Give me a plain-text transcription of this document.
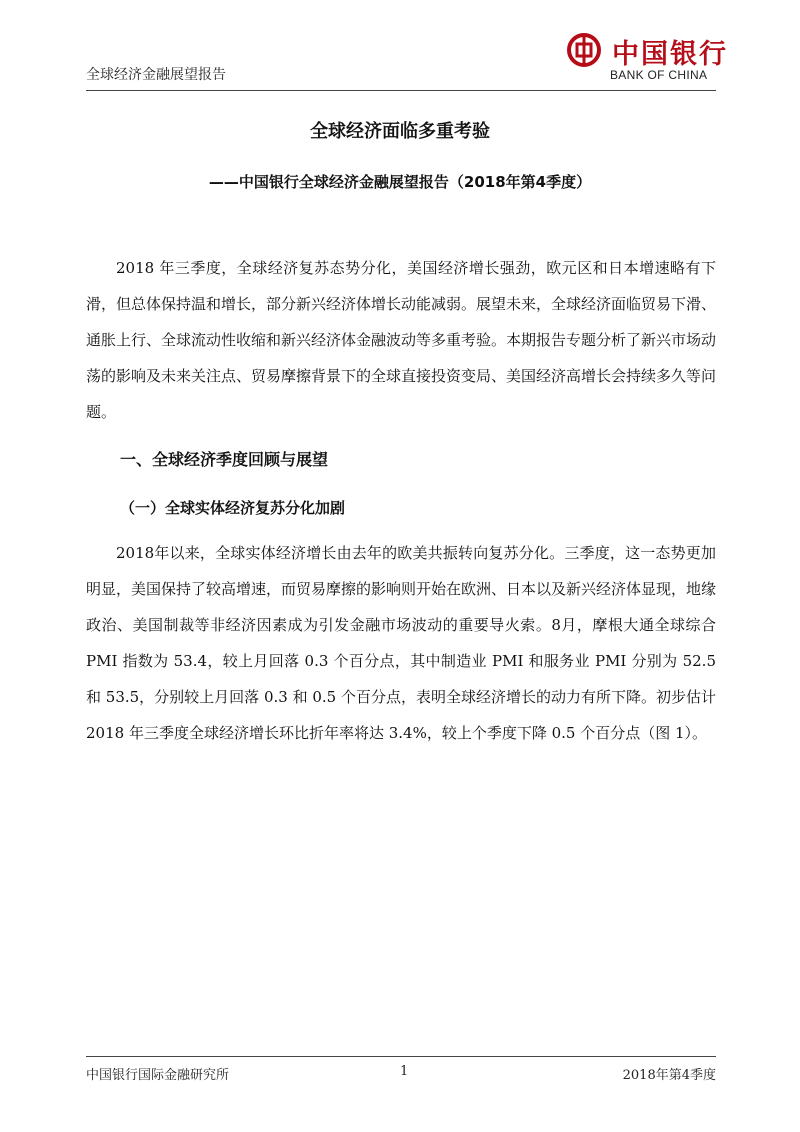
全球经济金融展望报告
中国银行
BANK OF CHINA
全球经济面临多重考验
——中国银行全球经济金融展望报告（2018年第4季度）

2018 年三季度，全球经济复苏态势分化，美国经济增长强劲，欧元区和日本增速略有下滑，但总体保持温和增长，部分新兴经济体增长动能减弱。展望未来，全球经济面临贸易下滑、通胀上行、全球流动性收缩和新兴经济体金融波动等多重考验。本期报告专题分析了新兴市场动荡的影响及未来关注点、贸易摩擦背景下的全球直接投资变局、美国经济高增长会持续多久等问题。

一、全球经济季度回顾与展望
（一）全球实体经济复苏分化加剧

2018年以来，全球实体经济增长由去年的欧美共振转向复苏分化。三季度，这一态势更加明显，美国保持了较高增速，而贸易摩擦的影响则开始在欧洲、日本以及新兴经济体显现，地缘政治、美国制裁等非经济因素成为引发金融市场波动的重要导火索。8月，摩根大通全球综合 PMI 指数为 53.4，较上月回落 0.3 个百分点，其中制造业 PMI 和服务业 PMI 分别为 52.5 和 53.5，分别较上月回落 0.3 和 0.5 个百分点，表明全球经济增长的动力有所下降。初步估计 2018 年三季度全球经济增长环比折年率将达 3.4%，较上个季度下降 0.5 个百分点（图 1）。

中国银行国际金融研究所	1	2018年第4季度
